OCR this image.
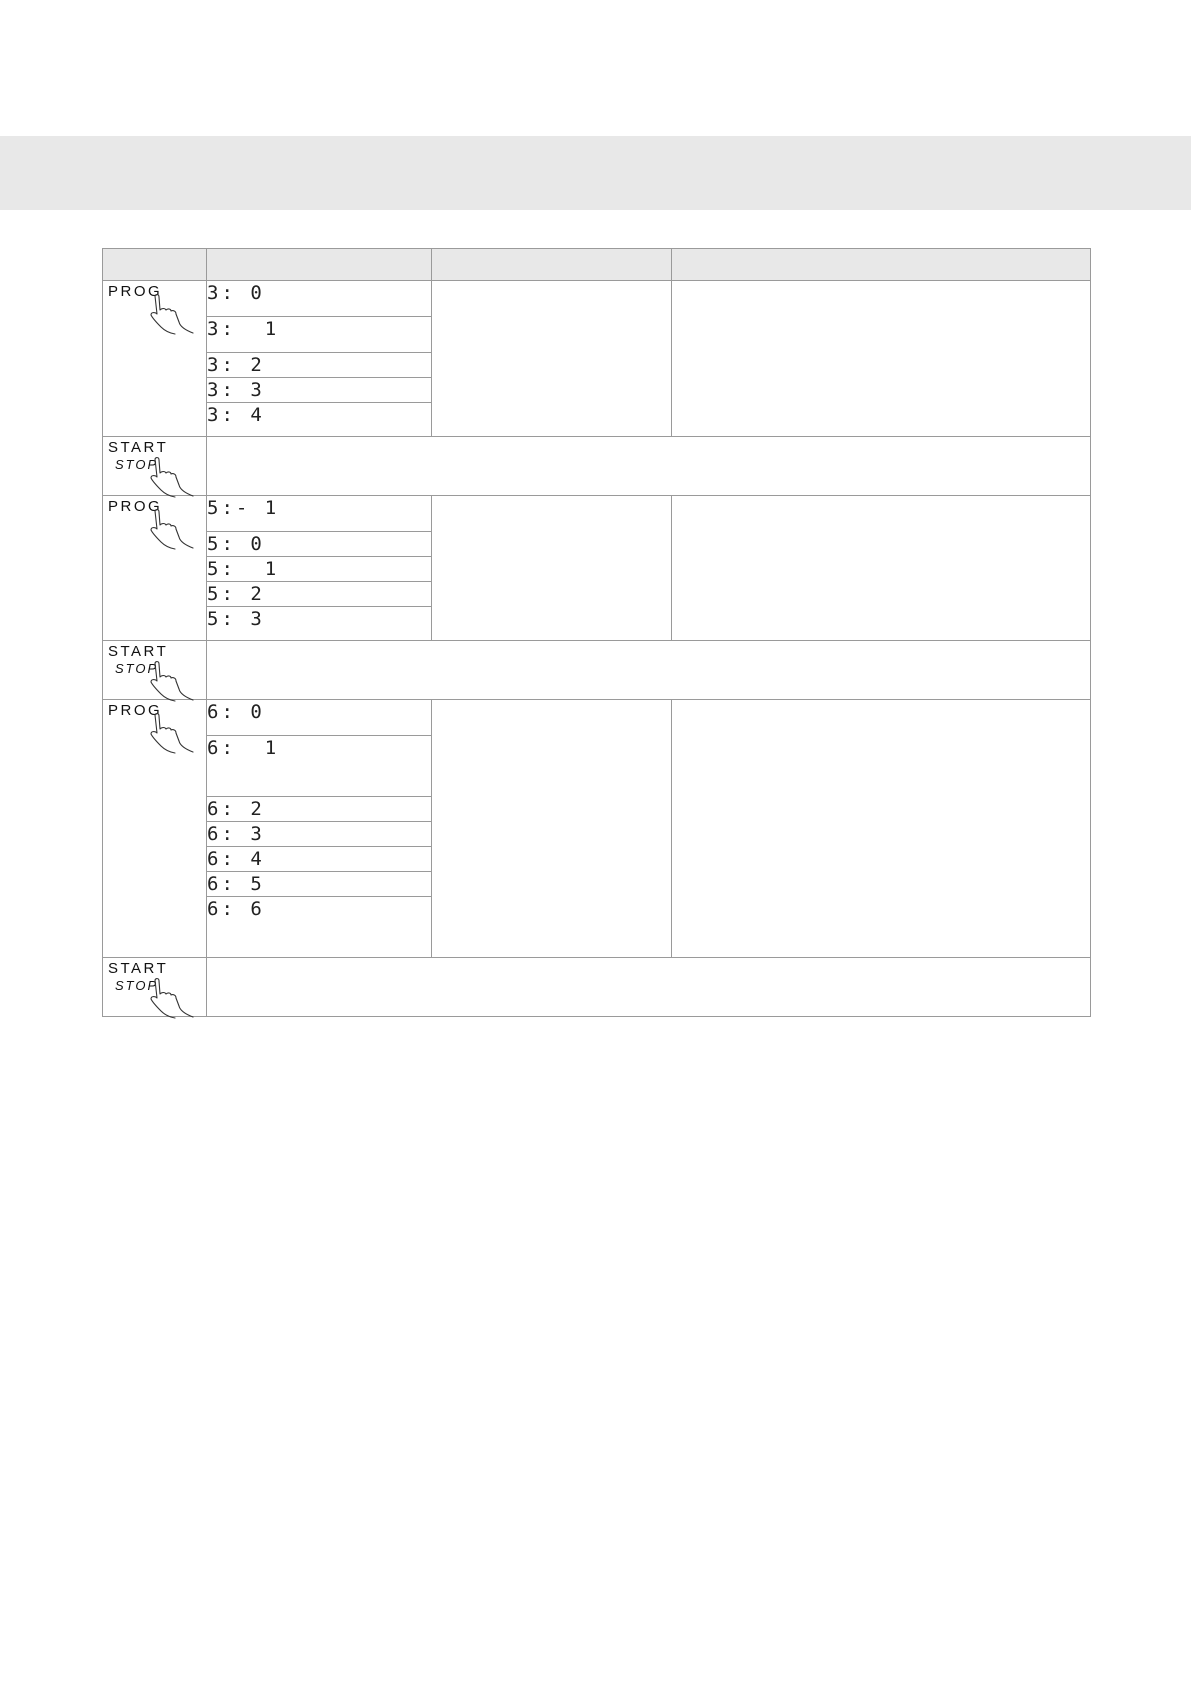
PROG	3: 0		
	3:  1		
	3: 2		
	3: 3		
	3: 4		

START
STOP			

PROG	5:- 1		
	5: 0		
	5:  1		
	5: 2		
	5: 3		

START
STOP			

PROG	6: 0		
	6:  1		
	6: 2		
	6: 3		
	6: 4		
	6: 5		
	6: 6		

START
STOP			
